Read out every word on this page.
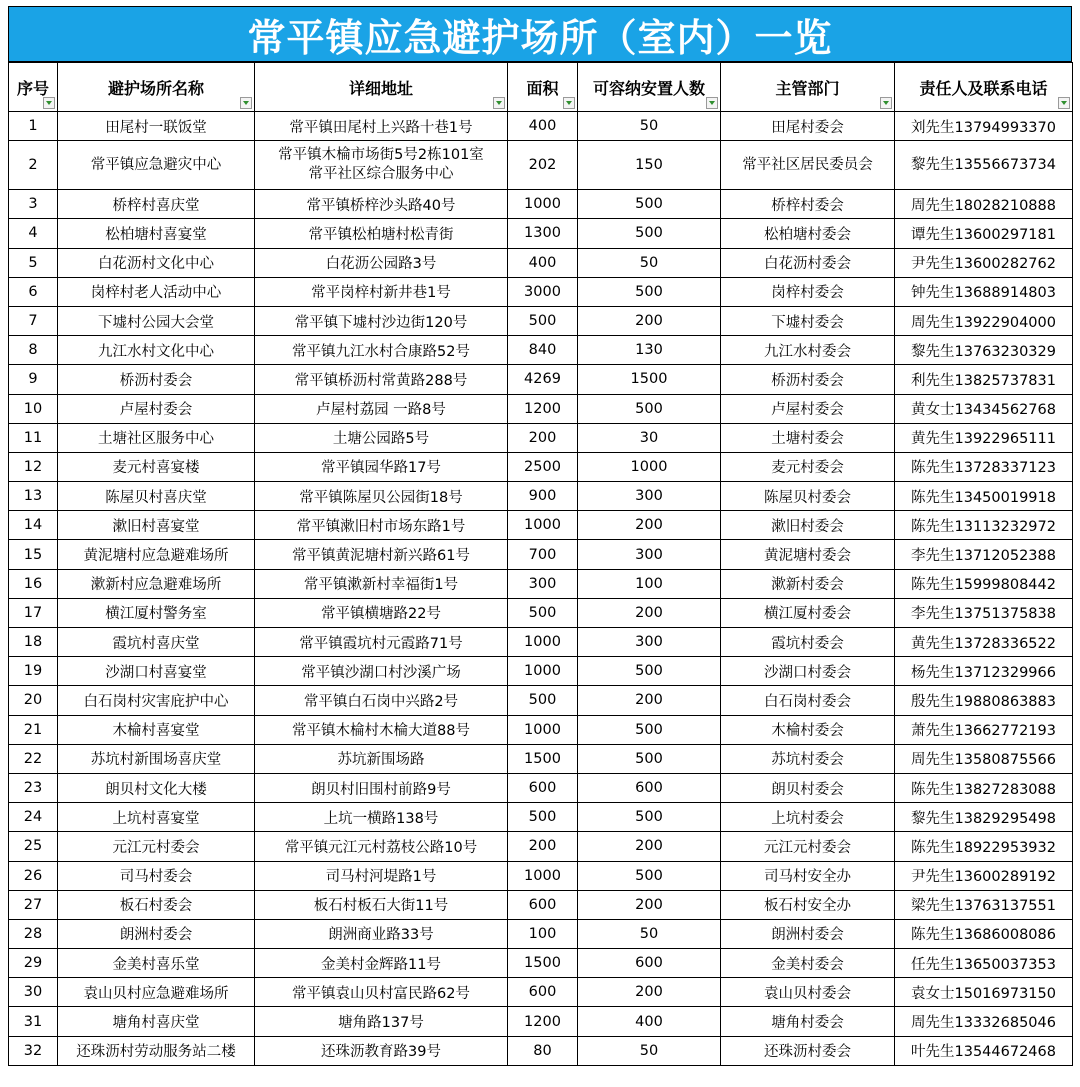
常平镇应急避护场所（室内）一览
序号	避护场所名称	详细地址	面积	可容纳安置人数	主管部门	责任人及联系电话

1	田尾村一联饭堂	常平镇田尾村上兴路十巷1号	400	50	田尾村委会	刘先生13794993370
2	常平镇应急避灾中心	常平镇木棆市场街5号2栋101室
常平社区综合服务中心	202	150	常平社区居民委员会	黎先生13556673734
3	桥梓村喜庆堂	常平镇桥梓沙头路40号	1000	500	桥梓村委会	周先生18028210888
4	松柏塘村喜宴堂	常平镇松柏塘村松青街	1300	500	松柏塘村委会	谭先生13600297181
5	白花沥村文化中心	白花沥公园路3号	400	50	白花沥村委会	尹先生13600282762
6	岗梓村老人活动中心	常平岗梓村新井巷1号	3000	500	岗梓村委会	钟先生13688914803
7	下墟村公园大会堂	常平镇下墟村沙边街120号	500	200	下墟村委会	周先生13922904000
8	九江水村文化中心	常平镇九江水村合康路52号	840	130	九江水村委会	黎先生13763230329
9	桥沥村委会	常平镇桥沥村常黄路288号	4269	1500	桥沥村委会	利先生13825737831
10	卢屋村委会	卢屋村荔园 一路8号	1200	500	卢屋村委会	黄女士13434562768
11	土塘社区服务中心	土塘公园路5号	200	30	土塘村委会	黄先生13922965111
12	麦元村喜宴楼	常平镇园华路17号	2500	1000	麦元村委会	陈先生13728337123
13	陈屋贝村喜庆堂	常平镇陈屋贝公园街18号	900	300	陈屋贝村委会	陈先生13450019918
14	漱旧村喜宴堂	常平镇漱旧村市场东路1号	1000	200	漱旧村委会	陈先生13113232972
15	黄泥塘村应急避难场所	常平镇黄泥塘村新兴路61号	700	300	黄泥塘村委会	李先生13712052388
16	漱新村应急避难场所	常平镇漱新村幸福街1号	300	100	漱新村委会	陈先生15999808442
17	横江厦村警务室	常平镇横塘路22号	500	200	横江厦村委会	李先生13751375838
18	霞坑村喜庆堂	常平镇霞坑村元霞路71号	1000	300	霞坑村委会	黄先生13728336522
19	沙湖口村喜宴堂	常平镇沙湖口村沙溪广场	1000	500	沙湖口村委会	杨先生13712329966
20	白石岗村灾害庇护中心	常平镇白石岗中兴路2号	500	200	白石岗村委会	殷先生19880863883
21	木棆村喜宴堂	常平镇木棆村木棆大道88号	1000	500	木棆村委会	萧先生13662772193
22	苏坑村新围场喜庆堂	苏坑新围场路	1500	500	苏坑村委会	周先生13580875566
23	朗贝村文化大楼	朗贝村旧围村前路9号	600	600	朗贝村委会	陈先生13827283088
24	上坑村喜宴堂	上坑一横路138号	500	500	上坑村委会	黎先生13829295498
25	元江元村委会	常平镇元江元村荔枝公路10号	200	200	元江元村委会	陈先生18922953932
26	司马村委会	司马村河堤路1号	1000	500	司马村安全办	尹先生13600289192
27	板石村委会	板石村板石大街11号	600	200	板石村安全办	梁先生13763137551
28	朗洲村委会	朗洲商业路33号	100	50	朗洲村委会	陈先生13686008086
29	金美村喜乐堂	金美村金辉路11号	1500	600	金美村委会	任先生13650037353
30	袁山贝村应急避难场所	常平镇袁山贝村富民路62号	600	200	袁山贝村委会	袁女士15016973150
31	塘角村喜庆堂	塘角路137号	1200	400	塘角村委会	周先生13332685046
32	还珠沥村劳动服务站二楼	还珠沥教育路39号	80	50	还珠沥村委会	叶先生13544672468
